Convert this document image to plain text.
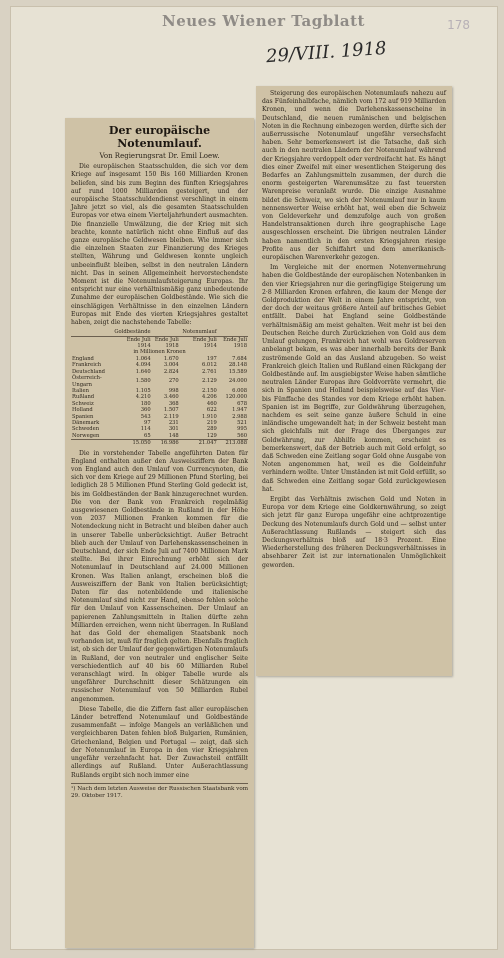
Neues Wiener Tagblatt	178
29/VIII. 1918
Der europäische Notenumlauf.
Von Regierungsrat Dr. Emil Loew.

Die europäischen Staatsschulden, die sich vor dem Kriege auf insgesamt 150 Bis 160 Milliarden Kronen beliefen, sind bis zum Beginn des fünften Kriegsjahres auf rund 1000 Milliarden gesteigert, und der europäische Staatsschuldendienst verschlingt in einem Jahre jetzt so viel, als die gesamten Staatsschulden Europas vor etwa einem Vierteljahrhundert ausmachten. Die finanzielle Umwälzung, die der Krieg mit sich brachte, konnte natürlich nicht ohne Einfluß auf das ganze europäische Geldwesen bleiben. Wie immer sich die einzelnen Staaten zur Finanzierung des Krieges stellten, Währung und Geldwesen konnte ungleich unbeeinflußt bleiben, selbst in den neutralen Ländern nicht. Das in seinen Allgemeinheit hervorstechendste Moment ist die Notenumlaufsteigerung Europas. Ihr entspricht nur eine verhältnismäßig ganz unbedeutende Zunahme der europäischen Goldbestände. Wie sich die einschlägigen Verhältnisse in den einzelnen Ländern Europas mit Ende des vierten Kriegsjahres gestaltet haben, zeigt die nachstehende Tabelle:

	Goldbestände		Notenumlauf	
	Ende Juli 1914	Ende Juli 1918	Ende Juli 1914	Ende Juli 1918
in Millionen Kronen				
England	1.064	1.670	197	7.684
Frankreich	4.094	3.004	6.012	28.148
Deutschland	1.640	2.824	2.761	15.589
Österreich-Ungarn	1.580	270	2.129	24.000
Italien	1.105	998	2.150	6.008
Rußland	4.210	3.460	4.206	120.000
Schweiz	180	368	460	678
Holland	360	1.507	622	1.947
Spanien	543	2.119	1.910	2.988
Dänemark	97	231	219	521
Schweden	114	301	289	995
Norwegen	65	148	129	560
	15.050	16.986	21.047	213.088

Die in vorstehender Tabelle angeführten Daten für England enthalten außer den Ausweisziffern der Bank von England auch den Umlauf von Currencynoten, die sich vor dem Kriege auf 29 Millionen Pfund Sterling, bei lediglich 28 5 Millionen Pfund Sterling Gold gedeckt ist, bis im Goldbeständen der Bank hinzugerechnet wurden. Die von der Bank von Frankreich regelmäßig ausgewiesenen Goldbestände in Rußland in der Höhe von 2037 Millionen Franken kommen für die Notendeckung nicht in Betracht und bleiben daher auch in unserer Tabelle unberücksichtigt. Außer Betracht blieb auch der Umlauf von Darlehenskassenscheinen in Deutschland, der sich Ende Juli auf 7400 Millionen Mark stellte. Bei ihrer Einrechnung erhöht sich der Notenumlauf in Deutschland auf 24.000 Millionen Kronen. Was Italien anlangt, erscheinen bloß die Ausweisziffern der Bank von Italien berücksichtigt; Daten für das notenbildende und italienische Notenumlauf sind nicht zur Hand, ebenso fehlen solche für den Umlauf von Kassenscheinen. Der Umlauf an papierenen Zahlungsmitteln in Italien dürfte zehn Milliarden erreichen, wenn nicht überragen. In Rußland hat das Gold der ehemaligen Staatsbank noch vorhanden ist, muß für fraglich gelten. Ebenfalls fraglich ist, ob sich der Umlauf der gegenwärtigen Notenumlaufs in Rußland, der von neutraler und englischer Seite verschiedentlich auf 40 bis 60 Milliarden Rubel veranschlagt wird. In obiger Tabelle wurde als ungefährer Durchschnitt dieser Schätzungen ein russischer Notenumlauf von 50 Milliarden Rubel angenommen.

Diese Tabelle, die die Ziffern fast aller europäischen Länder betreffend Notenumlauf und Goldbestände zusammenfaßt — infolge Mangels an verläßlichen und vergleichbaren Daten fehlen bloß Bulgarien, Rumänien, Griechenland, Belgien und Portugal — zeigt, daß sich der Notenumlauf in Europa in den vier Kriegsjahren ungefähr verzehnfacht hat. Der Zuwachsteil entfällt allerdings auf Rußland. Unter Außerachtlassung Rußlands ergibt sich noch immer eine

¹) Nach dem letzten Ausweise der Russischen Staatsbank vom 29. Oktober 1917.

Steigerung des europäischen Notenumlaufs nahezu auf das Fünfeinhalbfache, nämlich vom 172 auf 919 Milliarden Kronen, und wenn die Darlehenskassenscheine in Deutschland, die neuen rumänischen und belgischen Noten in die Rechnung einbezogen werden, dürfte sich der außerrussische Notenumlauf ungefähr versechsfacht haben. Sehr bemerkenswert ist die Tatsache, daß sich auch in den neutralen Ländern der Notenumlauf während der Kriegsjahre verdoppelt oder verdreifacht hat. Es hängt dies einer Zweifel mit einer wesentlichen Steigerung des Bedarfes an Zahlungsmitteln zusammen, der durch die enorm gesteigerten Warenumsätze zu fast teuersten Warenpreise veranlaßt wurde. Die einzige Ausnahme bildet die Schweiz, wo sich der Notenumlauf nur in kaum nennenswerter Weise erhöht hat, weil eben die Schweiz von Geldeverkehr und demzufolge auch von großen Handelstransaktionen durch ihre geographische Lage ausgeschlossen erscheint. Die übrigen neutralen Länder haben namentlich in den ersten Kriegsjahren riesige Profite aus der Schiffahrt und dem amerikanisch-europäischen Warenverkehr gezogen.

Im Vergleiche mit der enormen Notenvermehrung haben die Goldbestände der europäischen Notenbanken in den vier Kriegsjahren nur die geringfügige Steigerung um 2·8 Milliarden Kronen erfahren, die kaum der Menge der Goldproduktion der Welt in einem Jahre entspricht, von der doch der weitaus größere Anteil auf britisches Gebiet entfällt. Dabei hat England seine Goldbestände verhältnismäßig am meist gehalten. Weit mehr ist bei den Deutschen Reiche durch Zurückziehen von Gold aus dem Umlauf gelungen, Frankreich hat wohl was Goldreserven anbelangt bekam, es was aber innerhalb bereits der Bank zuströmende Gold an das Ausland abzugeben. So weist Frankreich gleich Italien und Rußland einen Rückgang der Goldbestände auf. Im ausgiebigster Weise haben sämtliche neutralen Länder Europas ihre Goldvorräte vermehrt, die sich in Spanien und Holland beispielsweise auf das Vier- bis Fünffache des Standes vor dem Kriege erhöht haben. Spanien ist im Begriffe, zur Goldwährung überzugehen, nachdem es seit seine ganze äußere Schuld in eine inländische umgewandelt hat; in der Schweiz besteht man sich gleichfalls mit der Frage des Überganges zur Goldwährung, zur Abhilfe kommen, erscheint es bemerkenswert, daß der Betrieb auch mit Gold erfolgt, so daß Schweden eine Zeitlang sogar Gold ohne Ausgabe von Noten angenommen hat, weil es die Goldeinfuhr verhindern wollte. Unter Umständen ist mit Gold erfüllt, so daß Schweden eine Zeitlang sogar Gold zurückgewiesen hat.

Ergibt das Verhältnis zwischen Gold und Noten in Europa vor dem Kriege eine Goldkernwährung, so zeigt sich jetzt für ganz Europa ungefähr eine achtprozentige Deckung des Notenumlaufs durch Gold und — selbst unter Außerachtlassung Rußlands — steigert sich das Deckungsverhältnis bloß auf 18·3 Prozent. Eine Wiederherstellung des früheren Deckungsverhältnisses in absehbarer Zeit ist zur internationalen Unmöglichkeit geworden.
